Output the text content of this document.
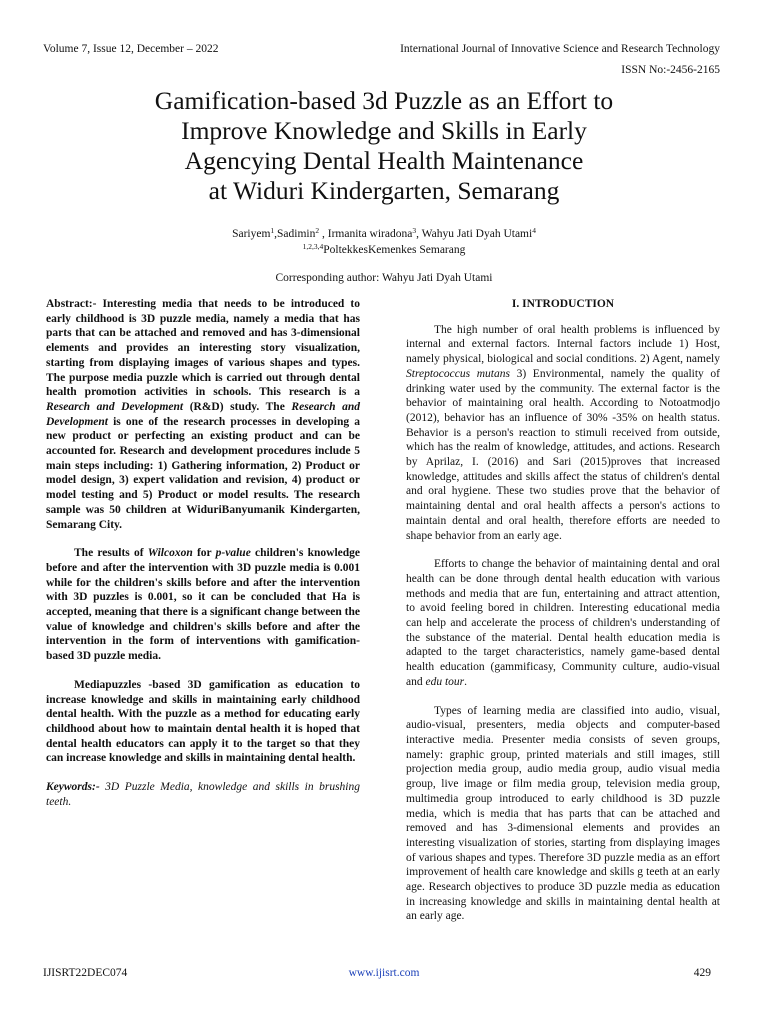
Volume 7, Issue 12, December – 2022	International Journal of Innovative Science and Research Technology
ISSN No:-2456-2165
Gamification-based 3d Puzzle as an Effort to
Improve Knowledge and Skills in Early
Agencying Dental Health Maintenance
at Widuri Kindergarten, Semarang
Sariyem$^1$,Sadimin$^2$ , Irmanita wiradona$^3$, Wahyu Jati Dyah Utami$^4$
$^{1,2,3,4}$PoltekkesKemenkes Semarang
Corresponding author: Wahyu Jati Dyah Utami

Abstract:- Interesting media that needs to be introduced to early childhood is 3D puzzle media, namely a media that has parts that can be attached and removed and has 3-dimensional elements and provides an interesting story visualization, starting from displaying images of various shapes and types. The purpose media puzzle which is carried out through dental health promotion activities in schools. This research is a Research and Development (R&D) study. The Research and Development is one of the research processes in developing a new product or perfecting an existing product and can be accounted for. Research and development procedures include 5 main steps including: 1) Gathering information, 2) Product or model design, 3) expert validation and revision, 4) product or model testing and 5) Product or model results. The research sample was 50 children at WiduriBanyumanik Kindergarten, Semarang City.

The results of Wilcoxon for p-value children's knowledge before and after the intervention with 3D puzzle media is 0.001 while for the children's skills before and after the intervention with 3D puzzles is 0.001, so it can be concluded that Ha is accepted, meaning that there is a significant change between the value of knowledge and children's skills before and after the intervention in the form of interventions with gamification-based 3D puzzle media.

Mediapuzzles -based 3D gamification as education to increase knowledge and skills in maintaining early childhood dental health. With the puzzle as a method for educating early childhood about how to maintain dental health it is hoped that dental health educators can apply it to the target so that they can increase knowledge and skills in maintaining dental health.

Keywords:- 3D Puzzle Media, knowledge and skills in brushing teeth.

I. INTRODUCTION

The high number of oral health problems is influenced by internal and external factors. Internal factors include 1) Host, namely physical, biological and social conditions. 2) Agent, namely Streptococcus mutans 3) Environmental, namely the quality of drinking water used by the community. The external factor is the behavior of maintaining oral health. According to Notoatmodjo (2012), behavior has an influence of 30% -35% on health status. Behavior is a person's reaction to stimuli received from outside, which has the realm of knowledge, attitudes, and actions. Research by Aprilaz, I. (2016) and Sari (2015)proves that increased knowledge, attitudes and skills affect the status of children's dental and oral hygiene. These two studies prove that the behavior of maintaining dental and oral health affects a person's actions to maintain dental and oral health, therefore efforts are needed to shape behavior from an early age.

Efforts to change the behavior of maintaining dental and oral health can be done through dental health education with various methods and media that are fun, entertaining and attract attention, to avoid feeling bored in children. Interesting educational media can help and accelerate the process of children's understanding of the substance of the material. Dental health education media is adapted to the target characteristics, namely game-based dental health education (gammificasy, Community culture, audio-visual and edu tour.

Types of learning media are classified into audio, visual, audio-visual, presenters, media objects and computer-based interactive media. Presenter media consists of seven groups, namely: graphic group, printed materials and still images, still projection media group, audio media group, audio visual media group, live image or film media group, television media group, multimedia group introduced to early childhood is 3D puzzle media, which is media that has parts that can be attached and removed and has 3-dimensional elements and provides an interesting visualization of stories, starting from displaying images of various shapes and types. Therefore 3D puzzle media as an effort improvement of health care knowledge and skills g teeth at an early age. Research objectives to produce 3D puzzle media as education in increasing knowledge and skills in maintaining dental health at an early age.

IJISRT22DEC074	www.ijisrt.com	429
